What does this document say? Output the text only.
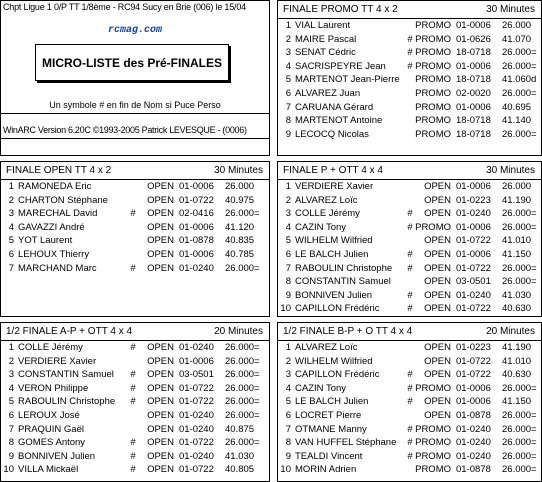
Chpt Ligue 1 0/P TT 1/8ème - RC94 Sucy en Brie (006) le 15/04
rcmag.com
MICRO-LISTE des Pré-FINALES
Un symbole # en fin de Nom si Puce Perso
WinARC Version 6.20C ©1993-2005 Patrick LEVESQUE - (0006)
FINALE PROMO TT 4 x 2	30 Minutes
1 VIAL Laurent	PROMO 01-0006 26.000
2 MAIRE Pascal	# PROMO 01-0626 41.070
3 SENAT Cédric	# PROMO 18-0718 26.000=
4 SACRISPEYRE Jean # PROMO 01-0006 26.000=
5 MARTENOT Jean-Pierre PROMO 18-0718 41.060d
6 ALVAREZ Juan	PROMO 02-0020 26.000=
7 CARUANA Gérard	PROMO 01-0006 40.695
8 MARTENOT Antoine	PROMO 18-0718 41.140
9 LECOCQ Nicolas	PROMO 18-0718 26.000=
FINALE OPEN TT 4 x 2	30 Minutes
1 RAMONEDA Eric	OPEN 01-0006 26.000
2 CHARTON Stéphane	OPEN 01-0722 40.975
3 MARECHAL David	#	OPEN 02-0416 26.000=
4 GAVAZZI André	OPEN 01-0006 41.120
5 YOT Laurent	OPEN 01-0878 40.835
6 LEHOUX Thierry	OPEN 01-0006 40.785
7 MARCHAND Marc	#	OPEN 01-0240 26.000=
FINALE P + OTT 4 x 4	30 Minutes
1 VERDIERE Xavier	OPEN 01-0006 26.000
2 ALVAREZ Loïc	OPEN 01-0223 41.190
3 COLLE Jérémy	#	OPEN 01-0240 26.000=
4 CAZIN Tony	# PROMO 01-0006 26.000=
5 WILHELM Wilfried	OPEN 01-0722 41.010
6 LE BALCH Julien	#	OPEN 01-0006 41.150
7 RABOULIN Christophe #	OPEN 01-0722 26.000=
8 CONSTANTIN Samuel	OPEN 03-0501 26.000=
9 BONNIVEN Julien	#	OPEN 01-0240 41.030
10 CAPILLON Frédéric	#	OPEN 01-0722 40.630
1/2 FINALE A-P + OTT 4 x 4	20 Minutes
1 COLLE Jérémy	#	OPEN 01-0240 26.000=
2 VERDIERE Xavier	OPEN 01-0006 26.000=
3 CONSTANTIN Samuel #	OPEN 03-0501 26.000=
4 VERON Philippe	#	OPEN 01-0722 26.000=
5 RABOULIN Christophe #	OPEN 01-0722 26.000=
6 LEROUX José	OPEN 01-0240 26.000=
7 PRAQUIN Gaël	OPEN 01-0240 40.875
8 GOMES Antony	#	OPEN 01-0722 26.000=
9 BONNIVEN Julien	#	OPEN 01-0240 41.030
10 VILLA Mickaël	#	OPEN 01-0722 40.805
1/2 FINALE B-P + O TT 4 x 4	20 Minutes
1 ALVAREZ Loïc	OPEN 01-0223 41.190
2 WILHELM Wilfried	OPEN 01-0722 41.010
3 CAPILLON Frédéric	#	OPEN 01-0722 40.630
4 CAZIN Tony	# PROMO 01-0006 26.000=
5 LE BALCH Julien	#	OPEN 01-0006 41.150
6 LOCRET Pierre	OPEN 01-0878 26.000=
7 OTMANE Manny	# PROMO 01-0240 26.000=
8 VAN HUFFEL Stéphane # PROMO 01-0240 26.000=
9 TEALDI Vincent	# PROMO 01-0240 26.000=
10 MORIN Adrien	PROMO 01-0878 26.000=
